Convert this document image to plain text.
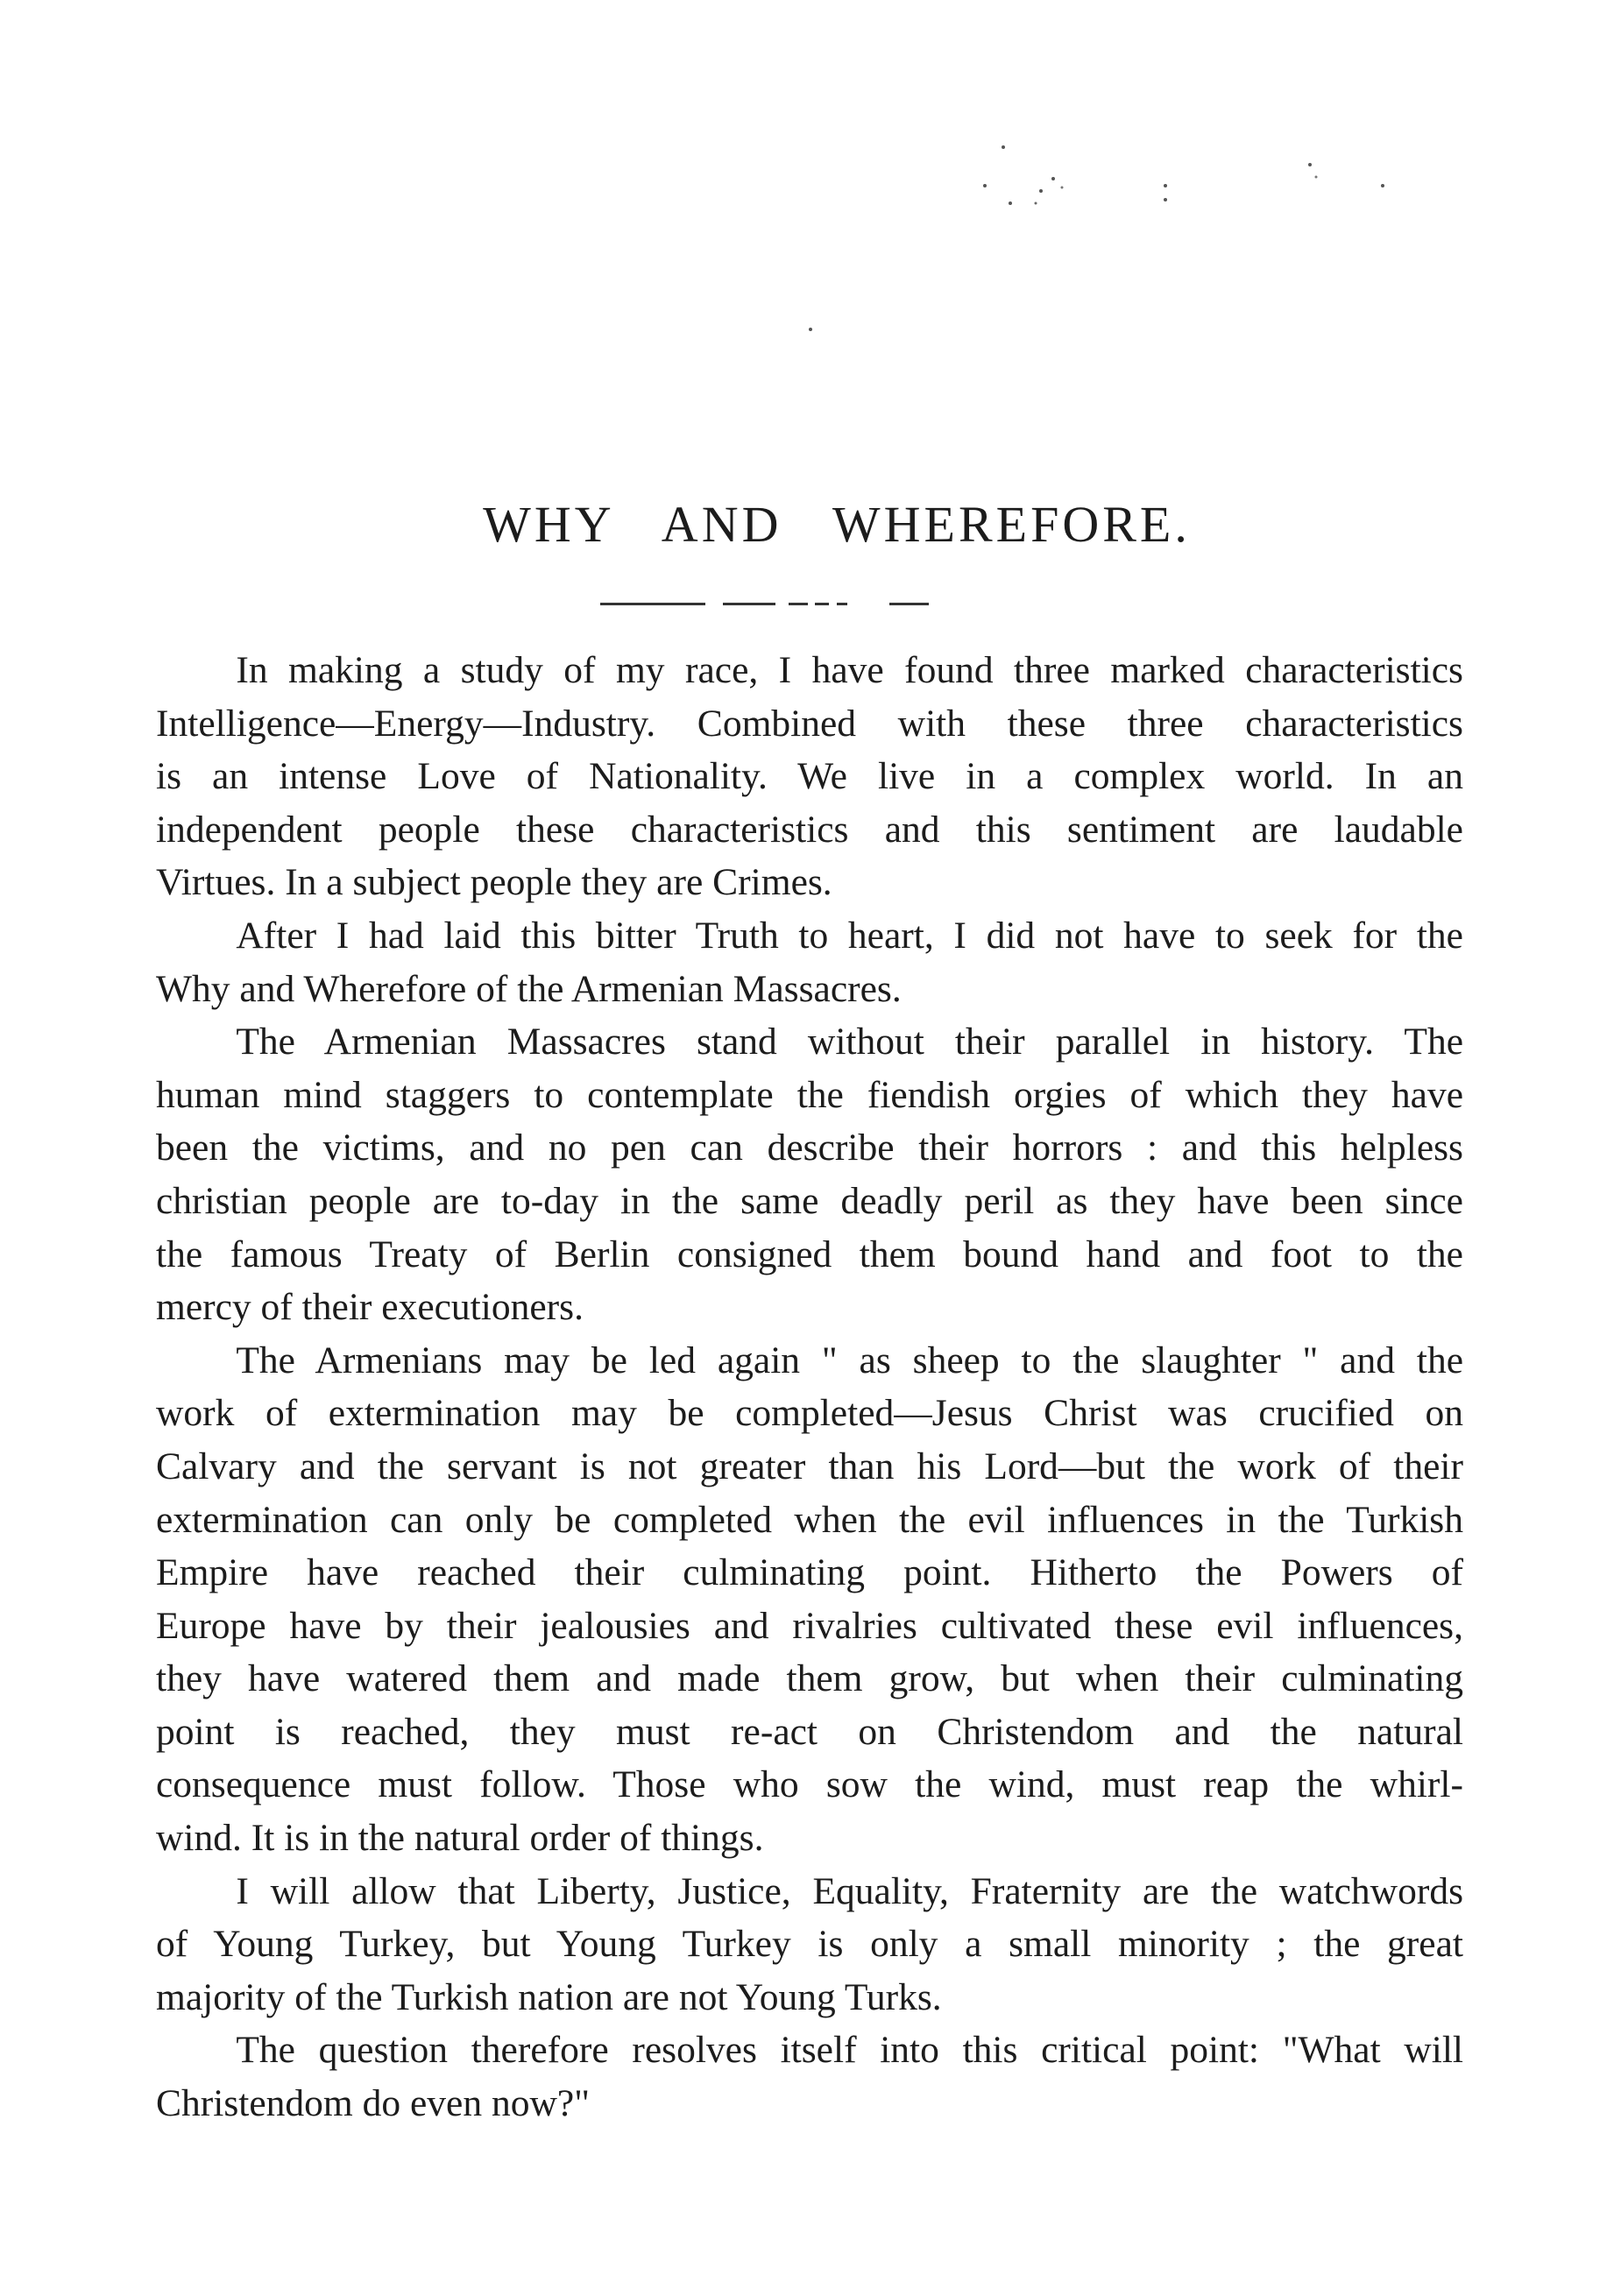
WHY AND WHEREFORE.

In making a study of my race, I have found three marked characteristics
Intelligence—Energy—Industry. Combined with these three characteristics
is an intense Love of Nationality. We live in a complex world. In an
independent people these characteristics and this sentiment are laudable
Virtues. In a subject people they are Crimes.

After I had laid this bitter Truth to heart, I did not have to seek for the
Why and Wherefore of the Armenian Massacres.

The Armenian Massacres stand without their parallel in history. The
human mind staggers to contemplate the fiendish orgies of which they have
been the victims, and no pen can describe their horrors : and this helpless
christian people are to-day in the same deadly peril as they have been since
the famous Treaty of Berlin consigned them bound hand and foot to the
mercy of their executioners.

The Armenians may be led again " as sheep to the slaughter " and the
work of extermination may be completed—Jesus Christ was crucified on
Calvary and the servant is not greater than his Lord—but the work of their
extermination can only be completed when the evil influences in the Turkish
Empire have reached their culminating point. Hitherto the Powers of
Europe have by their jealousies and rivalries cultivated these evil influences,
they have watered them and made them grow, but when their culminating
point is reached, they must re-act on Christendom and the natural
consequence must follow. Those who sow the wind, must reap the whirl-
wind. It is in the natural order of things.

I will allow that Liberty, Justice, Equality, Fraternity are the watchwords
of Young Turkey, but Young Turkey is only a small minority ; the great
majority of the Turkish nation are not Young Turks.

The question therefore resolves itself into this critical point: "What will
Christendom do even now?"
